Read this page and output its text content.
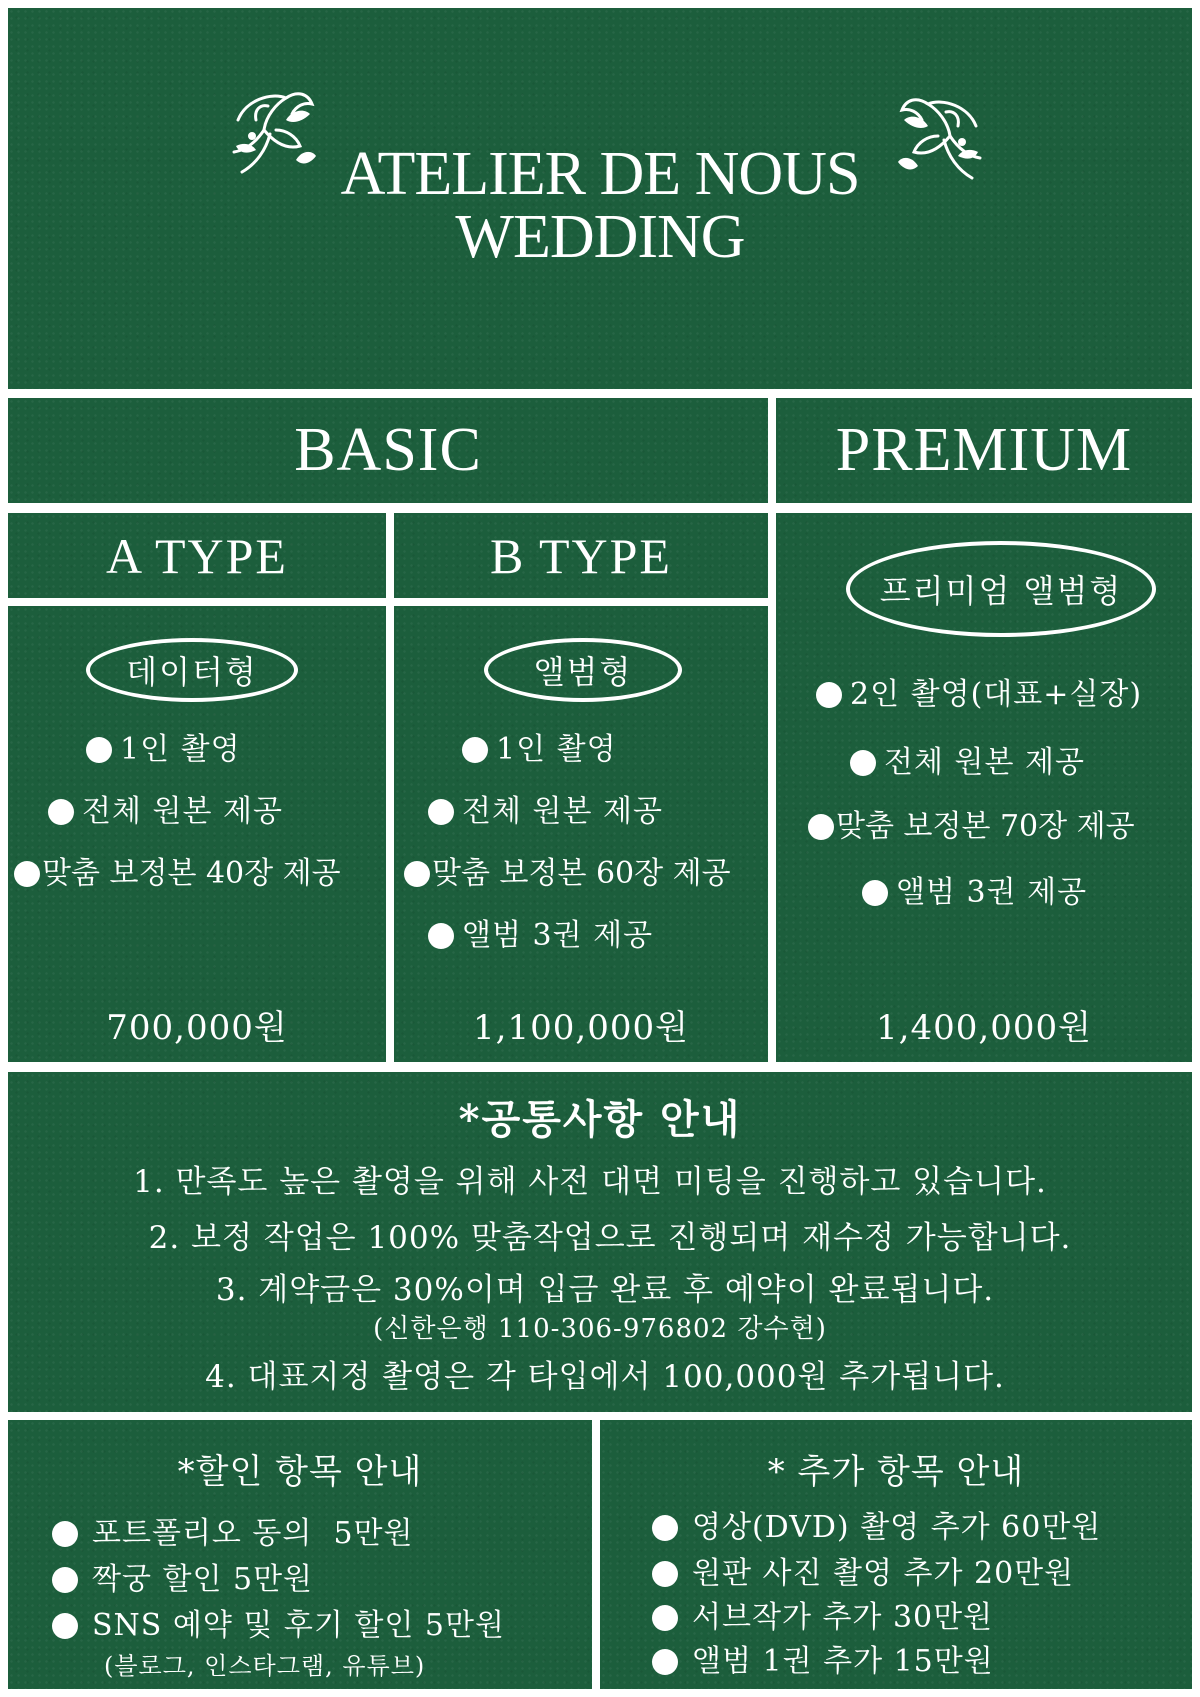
ATELIER DE NOUS
WEDDING
BASIC	PREMIUM
A TYPE	B TYPE
데이터형
1인 촬영
전체 원본 제공
맞춤 보정본 40장 제공
700,000원
앨범형
1인 촬영
전체 원본 제공
맞춤 보정본 60장 제공
앨범 3권 제공
1,100,000원
프리미엄 앨범형
2인 촬영(대표+실장)
전체 원본 제공
맞춤 보정본 70장 제공
앨범 3권 제공
1,400,000원
*공통사항 안내
1. 만족도 높은 촬영을 위해 사전 대면 미팅을 진행하고 있습니다.
2. 보정 작업은 100% 맞춤작업으로 진행되며 재수정 가능합니다.
3. 계약금은 30%이며 입금 완료 후 예약이 완료됩니다.
(신한은행 110-306-976802 강수현)
4. 대표지정 촬영은 각 타입에서 100,000원 추가됩니다.
*할인 항목 안내
포트폴리오 동의  5만원
짝궁 할인 5만원
SNS 예약 및 후기 할인 5만원
(블로그, 인스타그램, 유튜브)
* 추가 항목 안내
영상(DVD) 촬영 추가 60만원
원판 사진 촬영 추가 20만원
서브작가 추가 30만원
앨범 1권 추가 15만원
